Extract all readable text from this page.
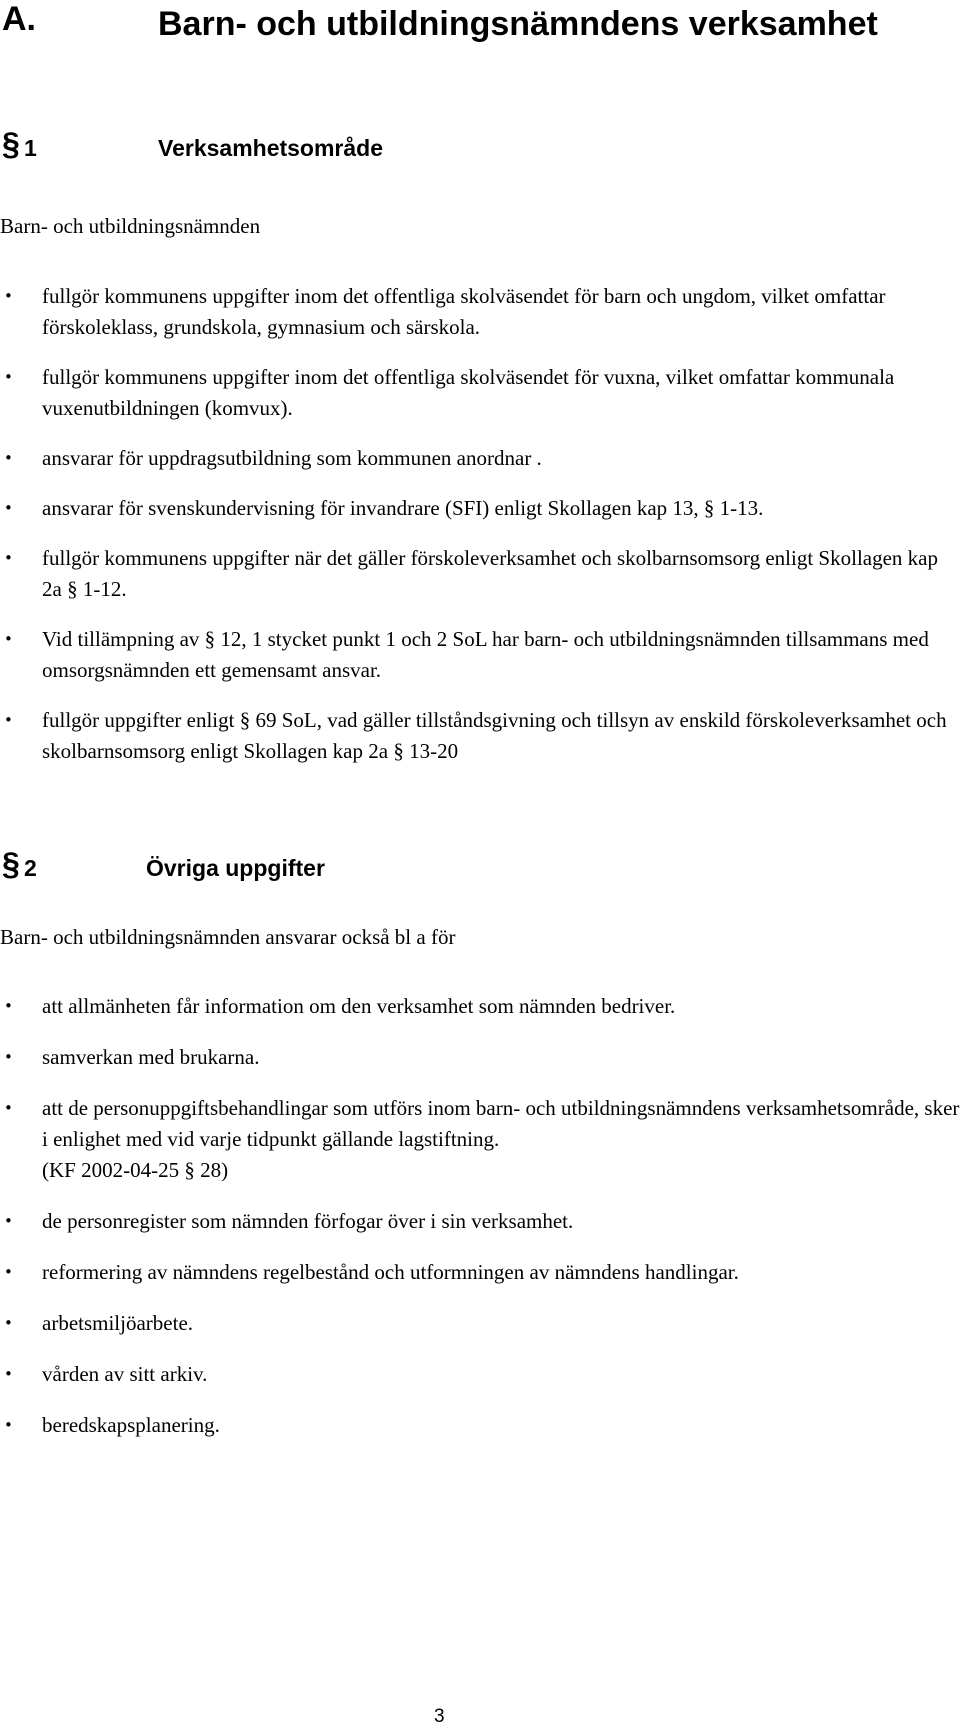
A.	Barn- och utbildningsnämndens verksamhet
§ 1	Verksamhetsområde
Barn- och utbildningsnämnden
• fullgör kommunens uppgifter inom det offentliga skolväsendet för barn och ungdom, vilket omfattar förskoleklass, grundskola, gymnasium och särskola.
• fullgör kommunens uppgifter inom det offentliga skolväsendet för vuxna, vilket omfattar kommunala vuxenutbildningen (komvux).
• ansvarar för uppdragsutbildning som kommunen anordnar .
• ansvarar för svenskundervisning för invandrare (SFI) enligt Skollagen kap 13, § 1-13.
• fullgör kommunens uppgifter när det gäller förskoleverksamhet och skolbarnsomsorg enligt Skollagen kap 2a § 1-12.
• Vid tillämpning av § 12, 1 stycket punkt 1 och 2 SoL har barn- och utbildningsnämnden tillsammans med omsorgsnämnden ett gemensamt ansvar.
• fullgör uppgifter enligt § 69 SoL, vad gäller tillståndsgivning och tillsyn av enskild förskoleverksamhet och skolbarnsomsorg enligt Skollagen kap 2a § 13-20
§ 2	Övriga uppgifter
Barn- och utbildningsnämnden ansvarar också bl a för
• att allmänheten får information om den verksamhet som nämnden bedriver.
• samverkan med brukarna.
• att de personuppgiftsbehandlingar som utförs inom barn- och utbildningsnämndens verksamhetsområde, sker i enlighet med vid varje tidpunkt gällande lagstiftning.
(KF 2002-04-25 § 28)
• de personregister som nämnden förfogar över i sin verksamhet.
• reformering av nämndens regelbestånd och utformningen av nämndens handlingar.
• arbetsmiljöarbete.
• vården av sitt arkiv.
• beredskapsplanering.
3
